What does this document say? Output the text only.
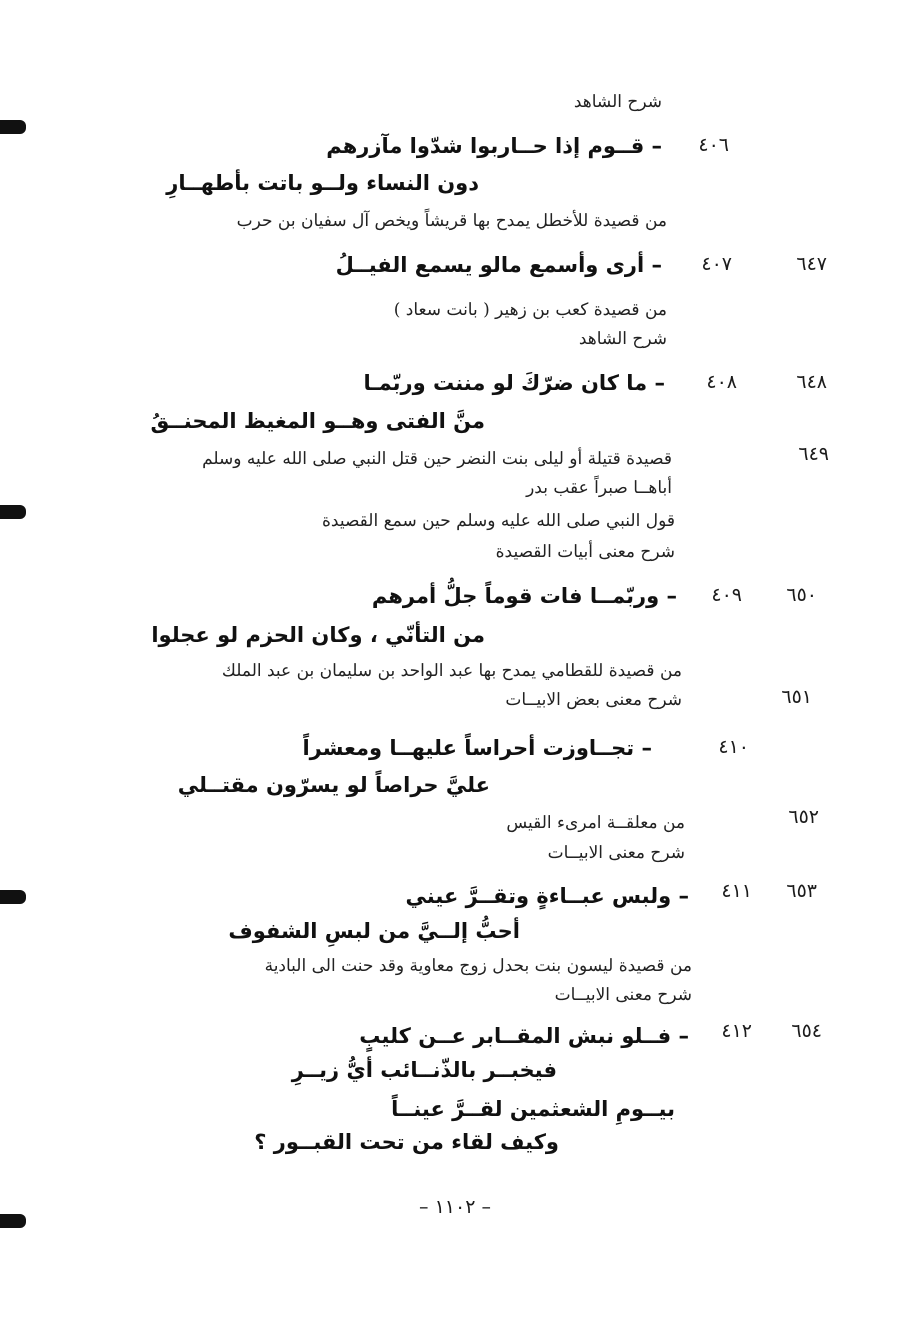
شرح الشاهد
٤٠٦
– قــوم إذا حــاربوا شدّوا مآزرهم
دون النساء ولــو باتت بأطهــارِ
من قصيدة للأخطل يمدح بها قريشاً ويخص آل سفيان بن حرب
٦٤٧
٤٠٧
– أرى وأسمع مالو يسمع الفيــلُ
من قصيدة كعب بن زهير ( بانت سعاد )
شرح الشاهد
٦٤٨
٤٠٨
– ما كان ضرّكَ لو مننت وربّمـا
منَّ الفتى وهــو المغيظ المحنــقُ
٦٤٩
قصيدة قتيلة أو ليلى بنت النضر حين قتل النبي صلى الله عليه وسلم
أباهــا صبراً عقب بدر
قول النبي صلى الله عليه وسلم حين سمع القصيدة
شرح معنى أبيات القصيدة
٦٥٠
٤٠٩
– وربّمــا فات قوماً جلُّ أمرهم
من التأنّي ، وكان الحزم لو عجلوا
من قصيدة للقطامي يمدح بها عبد الواحد بن سليمان بن عبد الملك
٦٥١
شرح معنى بعض الابيــات
٤١٠
– تجــاوزت أحراساً عليهــا ومعشراً
عليَّ حراصاً لو يسرّون مقتــلي
٦٥٢
من معلقــة امرىء القيس
شرح معنى الابيــات
٦٥٣
٤١١
– ولبس عبــاءةٍ وتقــرَّ عيني
أحبُّ إلــيَّ من لبسِ الشفوف
من قصيدة ليسون بنت بحدل زوج معاوية وقد حنت الى البادية
شرح معنى الابيــات
٦٥٤
٤١٢
– فــلو نبش المقــابر عــن كليبٍ
فيخبــر بالذّنــائب أيُّ زيــرِ
بيــومِ الشعثمين لقــرَّ عينــاً
وكيف لقاء من تحت القبــور ؟
– ١١٠٢ –
